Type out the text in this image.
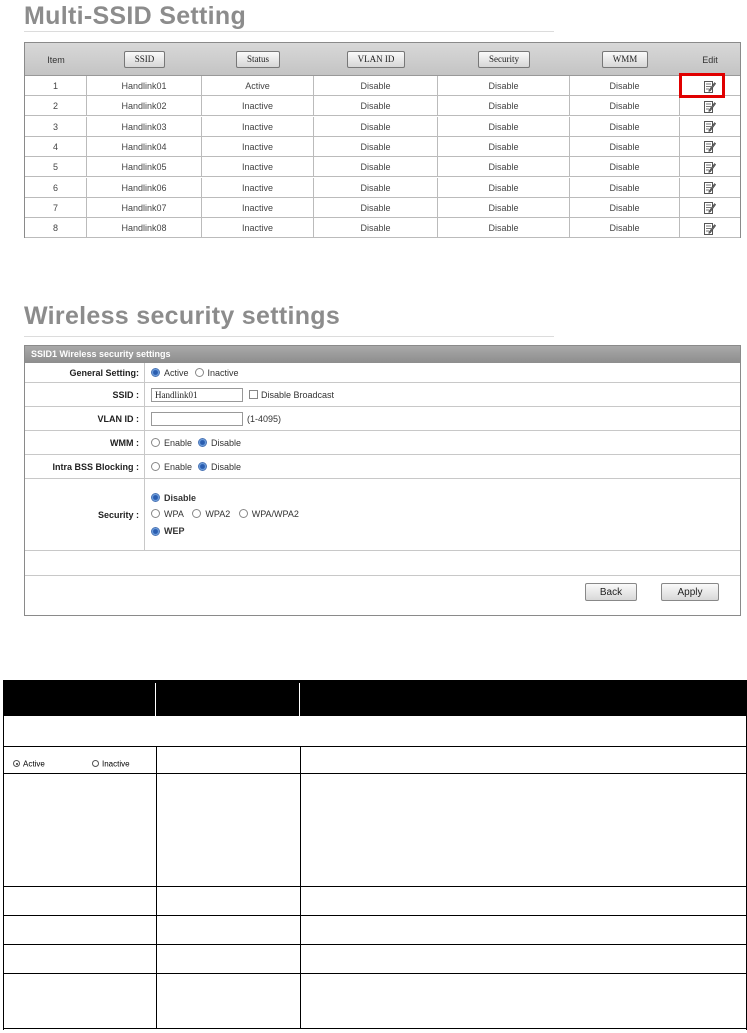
Multi-SSID Setting
Item	SSID	Status	VLAN ID	Security	WMM	Edit
1	Handlink01	Active	Disable	Disable	Disable
2	Handlink02	Inactive	Disable	Disable	Disable
3	Handlink03	Inactive	Disable	Disable	Disable
4	Handlink04	Inactive	Disable	Disable	Disable
5	Handlink05	Inactive	Disable	Disable	Disable
6	Handlink06	Inactive	Disable	Disable	Disable
7	Handlink07	Inactive	Disable	Disable	Disable
8	Handlink08	Inactive	Disable	Disable	Disable
Wireless security settings
SSID1 Wireless security settings
General Setting:	Active Inactive
SSID :	Handlink01	Disable Broadcast
VLAN ID :	(1-4095)
WMM :	Enable Disable
Intra BSS Blocking :	Enable Disable
Security :
Disable
WPA
WPA2
WPA/WPA2
WEP
Back	Apply
Active	Inactive
